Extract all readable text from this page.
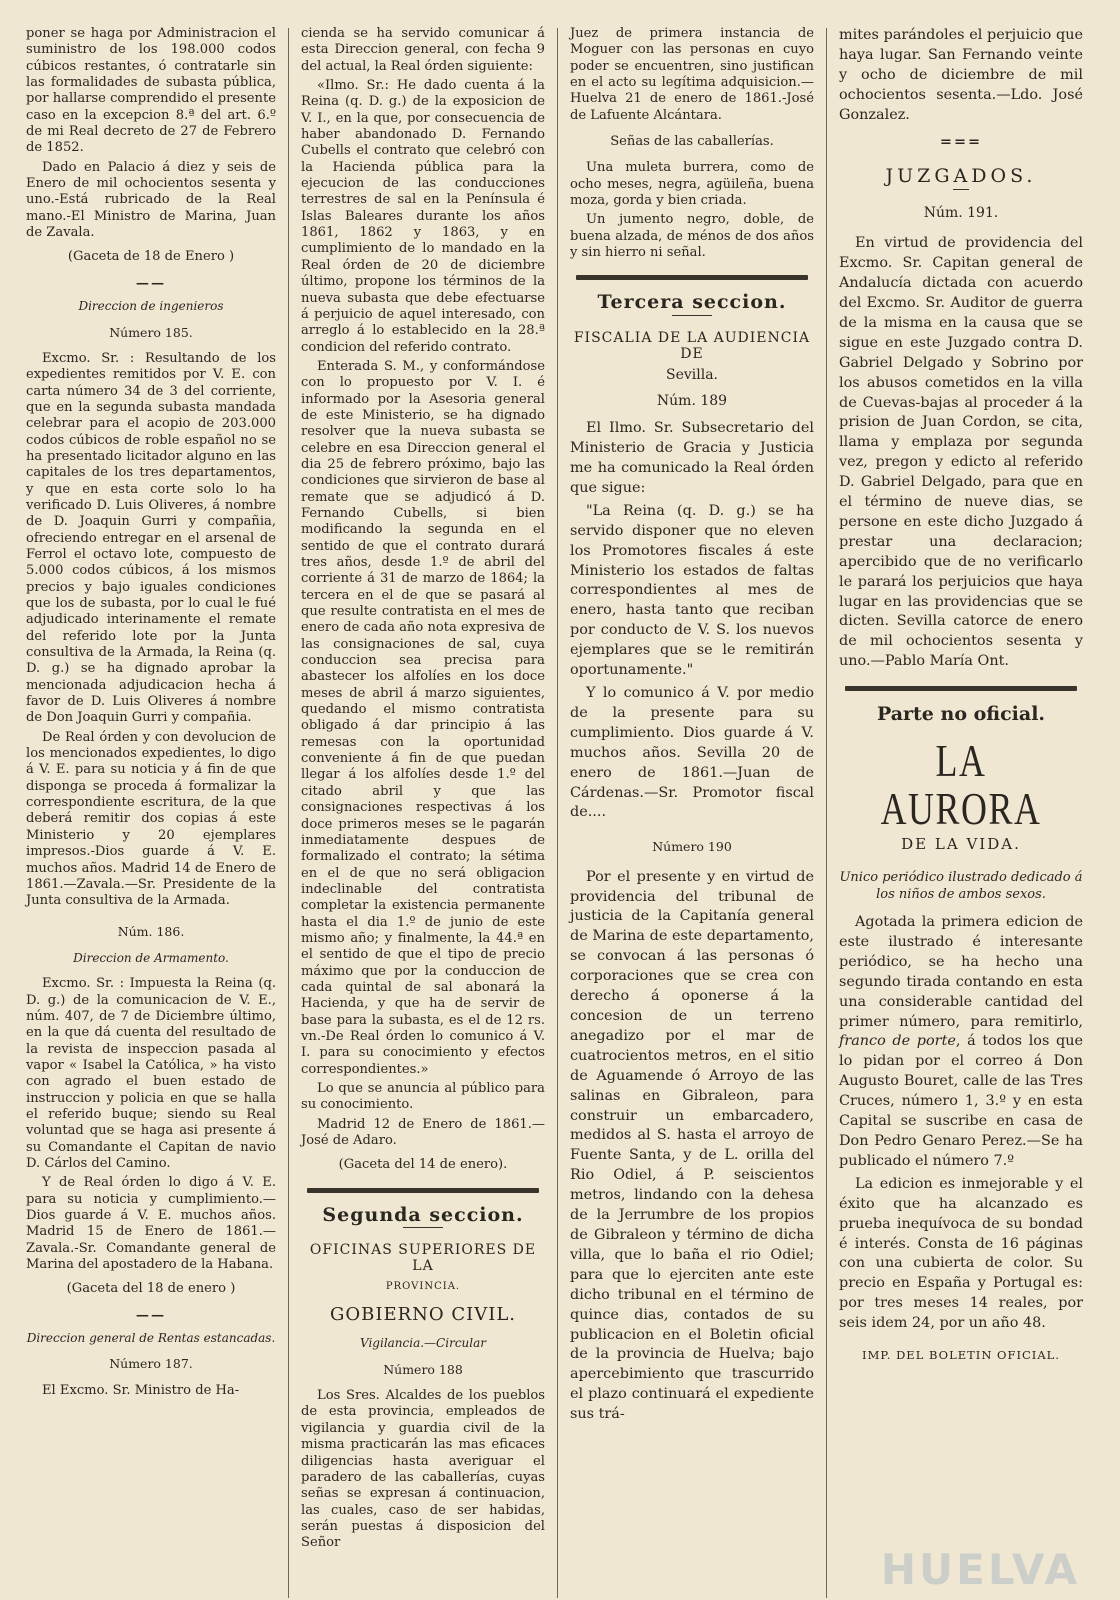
poner se haga por Administracion el suministro de los 198.000 codos cúbicos restantes, ó contratarle sin las formalidades de subasta pública, por hallarse comprendido el presente caso en la excepcion 8.ª del art. 6.º de mi Real decreto de 27 de Febrero de 1852.

Dado en Palacio á diez y seis de Enero de mil ochocientos sesenta y uno.-Está rubricado de la Real mano.-El Ministro de Marina, Juan de Zavala.

(Gaceta de 18 de Enero )
——
Direccion de ingenieros
Número 185.

Excmo. Sr. : Resultando de los expedientes remitidos por V. E. con carta número 34 de 3 del corriente, que en la segunda subasta mandada celebrar para el acopio de 203.000 codos cúbicos de roble español no se ha presentado licitador alguno en las capitales de los tres departamentos, y que en esta corte solo lo ha verificado D. Luis Oliveres, á nombre de D. Joaquin Gurri y compañia, ofreciendo entregar en el arsenal de Ferrol el octavo lote, compuesto de 5.000 codos cúbicos, á los mismos precios y bajo iguales condiciones que los de subasta, por lo cual le fué adjudicado interinamente el remate del referido lote por la Junta consultiva de la Armada, la Reina (q. D. g.) se ha dignado aprobar la mencionada adjudicacion hecha á favor de D. Luis Oliveres á nombre de Don Joaquin Gurri y compañia.

De Real órden y con devolucion de los mencionados expedientes, lo digo á V. E. para su noticia y á fin de que disponga se proceda á formalizar la correspondiente escritura, de la que deberá remitir dos copias á este Ministerio y 20 ejemplares impresos.-Dios guarde á V. E. muchos años. Madrid 14 de Enero de 1861.—Zavala.—Sr. Presidente de la Junta consultiva de la Armada.

Núm. 186.
Direccion de Armamento.

Excmo. Sr. : Impuesta la Reina (q. D. g.) de la comunicacion de V. E., núm. 407, de 7 de Diciembre último, en la que dá cuenta del resultado de la revista de inspeccion pasada al vapor « Isabel la Católica, » ha visto con agrado el buen estado de instruccion y policia en que se halla el referido buque; siendo su Real voluntad que se haga asi presente á su Comandante el Capitan de navio D. Cárlos del Camino.

Y de Real órden lo digo á V. E. para su noticia y cumplimiento.—Dios guarde á V. E. muchos años. Madrid 15 de Enero de 1861.—Zavala.-Sr. Comandante general de Marina del apostadero de la Habana.

(Gaceta del 18 de enero )
——
Direccion general de Rentas estancadas.
Número 187.

El Excmo. Sr. Ministro de Ha-

cienda se ha servido comunicar á esta Direccion general, con fecha 9 del actual, la Real órden siguiente:

«Ilmo. Sr.: He dado cuenta á la Reina (q. D. g.) de la exposicion de V. I., en la que, por consecuencia de haber abandonado D. Fernando Cubells el contrato que celebró con la Hacienda pública para la ejecucion de las conducciones terrestres de sal en la Península é Islas Baleares durante los años 1861, 1862 y 1863, y en cumplimiento de lo mandado en la Real órden de 20 de diciembre último, propone los términos de la nueva subasta que debe efectuarse á perjuicio de aquel interesado, con arreglo á lo establecido en la 28.ª condicion del referido contrato.

Enterada S. M., y conformándose con lo propuesto por V. I. é informado por la Asesoria general de este Ministerio, se ha dignado resolver que la nueva subasta se celebre en esa Direccion general el dia 25 de febrero próximo, bajo las condiciones que sirvieron de base al remate que se adjudicó á D. Fernando Cubells, si bien modificando la segunda en el sentido de que el contrato durará tres años, desde 1.º de abril del corriente á 31 de marzo de 1864; la tercera en el de que se pasará al que resulte contratista en el mes de enero de cada año nota expresiva de las consignaciones de sal, cuya conduccion sea precisa para abastecer los alfolíes en los doce meses de abril á marzo siguientes, quedando el mismo contratista obligado á dar principio á las remesas con la oportunidad conveniente á fin de que puedan llegar á los alfolíes desde 1.º del citado abril y que las consignaciones respectivas á los doce primeros meses se le pagarán inmediatamente despues de formalizado el contrato; la sétima en el de que no será obligacion indeclinable del contratista completar la existencia permanente hasta el dia 1.º de junio de este mismo año; y finalmente, la 44.ª en el sentido de que el tipo de precio máximo que por la conduccion de cada quintal de sal abonará la Hacienda, y que ha de servir de base para la subasta, es el de 12 rs. vn.-De Real órden lo comunico á V. I. para su conocimiento y efectos correspondientes.»

Lo que se anuncia al público para su conocimiento.

Madrid 12 de Enero de 1861.—José de Adaro.

(Gaceta del 14 de enero).
Segunda seccion.
OFICINAS SUPERIORES DE LA
PROVINCIA.
GOBIERNO CIVIL.
Vigilancia.—Circular
Número 188

Los Sres. Alcaldes de los pueblos de esta provincia, empleados de vigilancia y guardia civil de la misma practicarán las mas eficaces diligencias hasta averiguar el paradero de las caballerías, cuyas señas se expresan á continuacion, las cuales, caso de ser habidas, serán puestas á disposicion del Señor

Juez de primera instancia de Moguer con las personas en cuyo poder se encuentren, sino justifican en el acto su legítima adquisicion.—Huelva 21 de enero de 1861.-José de Lafuente Alcántara.

Señas de las caballerías.

Una muleta burrera, como de ocho meses, negra, agüileña, buena moza, gorda y bien criada.

Un jumento negro, doble, de buena alzada, de ménos de dos años y sin hierro ni señal.

Tercera seccion.
FISCALIA DE LA AUDIENCIA DE
Sevilla.
Núm. 189

El Ilmo. Sr. Subsecretario del Ministerio de Gracia y Justicia me ha comunicado la Real órden que sigue:

"La Reina (q. D. g.) se ha servido disponer que no eleven los Promotores fiscales á este Ministerio los estados de faltas correspondientes al mes de enero, hasta tanto que reciban por conducto de V. S. los nuevos ejemplares que se le remitirán oportunamente."

Y lo comunico á V. por medio de la presente para su cumplimiento. Dios guarde á V. muchos años. Sevilla 20 de enero de 1861.—Juan de Cárdenas.—Sr. Promotor fiscal de....

Número 190

Por el presente y en virtud de providencia del tribunal de justicia de la Capitanía general de Marina de este departamento, se convocan á las personas ó corporaciones que se crea con derecho á oponerse á la concesion de un terreno anegadizo por el mar de cuatrocientos metros, en el sitio de Aguamende ó Arroyo de las salinas en Gibraleon, para construir un embarcadero, medidos al S. hasta el arroyo de Fuente Santa, y de L. orilla del Rio Odiel, á P. seiscientos metros, lindando con la dehesa de la Jerrumbre de los propios de Gibraleon y término de dicha villa, que lo baña el rio Odiel; para que lo ejerciten ante este dicho tribunal en el término de quince dias, contados de su publicacion en el Boletin oficial de la provincia de Huelva; bajo apercebimiento que trascurrido el plazo continuará el expediente sus trá-

mites parándoles el perjuicio que haya lugar. San Fernando veinte y ocho de diciembre de mil ochocientos sesenta.—Ldo. José Gonzalez.

===
JUZGADOS.
Núm. 191.

En virtud de providencia del Excmo. Sr. Capitan general de Andalucía dictada con acuerdo del Excmo. Sr. Auditor de guerra de la misma en la causa que se sigue en este Juzgado contra D. Gabriel Delgado y Sobrino por los abusos cometidos en la villa de Cuevas-bajas al proceder á la prision de Juan Cordon, se cita, llama y emplaza por segunda vez, pregon y edicto al referido D. Gabriel Delgado, para que en el término de nueve dias, se persone en este dicho Juzgado á prestar una declaracion; apercibido que de no verificarlo le parará los perjuicios que haya lugar en las providencias que se dicten. Sevilla catorce de enero de mil ochocientos sesenta y uno.—Pablo María Ont.

Parte no oficial.
LA AURORA
DE LA VIDA.
Unico periódico ilustrado dedicado á los niños de ambos sexos.

Agotada la primera edicion de este ilustrado é interesante periódico, se ha hecho una segundo tirada contando en esta una considerable cantidad del primer número, para remitirlo, franco de porte, á todos los que lo pidan por el correo á Don Augusto Bouret, calle de las Tres Cruces, número 1, 3.º y en esta Capital se suscribe en casa de Don Pedro Genaro Perez.—Se ha publicado el número 7.º

La edicion es inmejorable y el éxito que ha alcanzado es prueba inequívoca de su bondad é interés. Consta de 16 páginas con una cubierta de color. Su precio en España y Portugal es: por tres meses 14 reales, por seis idem 24, por un año 48.

IMP. DEL BOLETIN OFICIAL.
HUELVA
